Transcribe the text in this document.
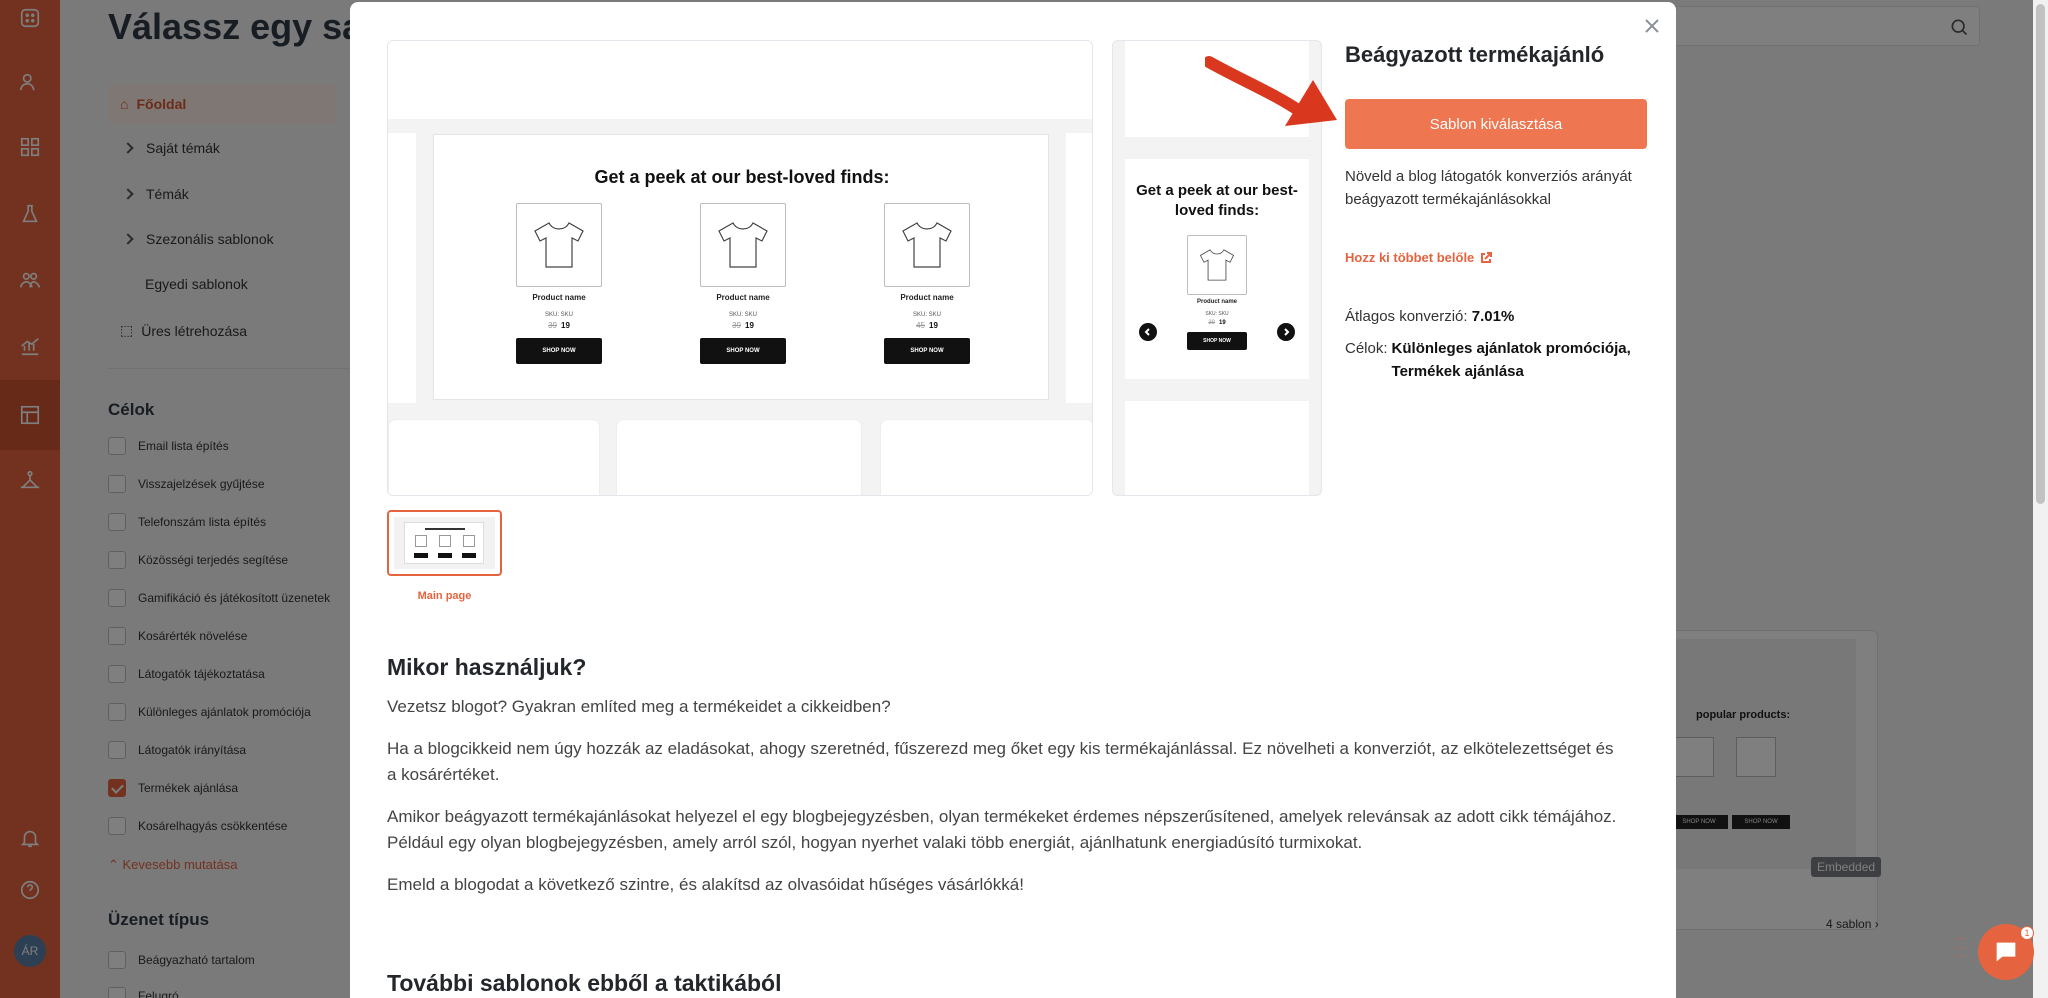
Get a peek at our best-loved finds:
Product name
SKU: SKU
39 19
SHOP NOW
Product name
SKU: SKU
39 19
SHOP NOW
Product name
SKU: SKU
45 19
SHOP NOW
Get a peek at our best-loved finds:
Product name
SKU: SKU
39 19
SHOP NOW
Main page
Beágyazott termékajánló
Sablon kiválasztása
Növeld a blog látogatók konverziós arányát beágyazott termékajánlásokkal
Hozz ki többet belőle
Átlagos konverzió: 7.01%
Célok: Különleges ajánlatok promóciója,
Termékek ajánlása
Mikor használjuk?
Vezetsz blogot? Gyakran említed meg a termékeidet a cikkeidben?
Ha a blogcikkeid nem úgy hozzák az eladásokat, ahogy szeretnéd, fűszerezd meg őket egy kis termékajánlással. Ez növelheti a konverziót, az elkötelezettséget és a kosárértéket.
Amikor beágyazott termékajánlásokat helyezel el egy blogbejegyzésben, olyan termékeket érdemes népszerűsítened, amelyek relevánsak az adott cikk témájához. Például egy olyan blogbejegyzésben, amely arról szól, hogyan nyerhet valaki több energiát, ajánlhatunk energiadúsító turmixokat.
Emeld a blogodat a következő szintre, és alakítsd az olvasóidat hűséges vásárlókká!
További sablonok ebből a taktikából
⋮⋮⋮
1
